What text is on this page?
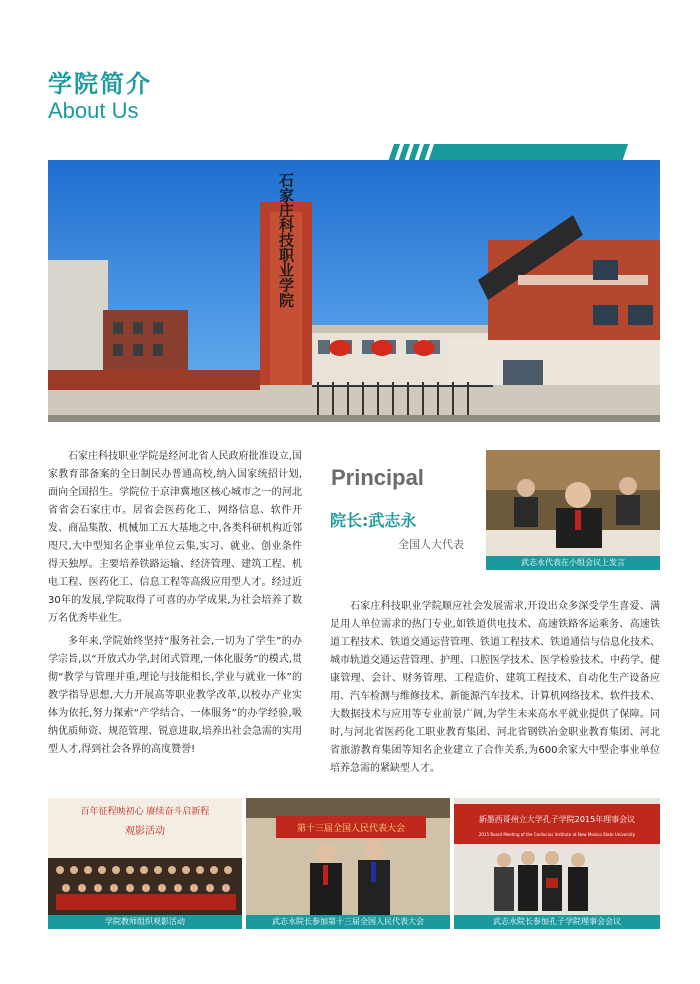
学院简介
About Us
石家庄科技职业学院
石家庄科技职业学院是经河北省人民政府批准设立,国家教育部备案的全日制民办普通高校,纳入国家统招计划,面向全国招生。学院位于京津冀地区核心城市之一的河北省省会石家庄市。居省会医药化工、网络信息、软件开发、商品集散、机械加工五大基地之中,各类科研机构近邻咫尺,大中型知名企事业单位云集,实习、就业、创业条件得天独厚。主要培养铁路运输、经济管理、建筑工程、机电工程、医药化工、信息工程等高级应用型人才。经过近30年的发展,学院取得了可喜的办学成果,为社会培养了数万名优秀毕业生。
多年来,学院始终坚持“服务社会,一切为了学生”的办学宗旨,以“开放式办学,封闭式管理,一体化服务”的模式,贯彻“教学与管理并重,理论与技能相长,学业与就业一体”的教学指导思想,大力开展高等职业教学改革,以校办产业实体为依托,努力探索“产学结合、一体服务”的办学经验,吸纳优质师资、规范管理、锐意进取,培养出社会急需的实用型人才,得到社会各界的高度赞誉!
Principal
院长:武志永
全国人大代表
武志永代表在小组会议上发言
石家庄科技职业学院顺应社会发展需求,开设出众多深受学生喜爱、满足用人单位需求的热门专业,如铁道供电技术、高速铁路客运乘务、高速铁道工程技术、铁道交通运营管理、铁道工程技术、铁道通信与信息化技术、城市轨道交通运营管理、护理、口腔医学技术、医学检验技术、中药学、健康管理、会计、财务管理、工程造价、建筑工程技术、自动化生产设备应用、汽车检测与维修技术、新能源汽车技术、计算机网络技术、软件技术、大数据技术与应用等专业前景广阔,为学生未来高水平就业提供了保障。同时,与河北省医药化工职业教育集团、河北省钢铁冶金职业教育集团、河北省旅游教育集团等知名企业建立了合作关系,为600余家大中型企事业单位培养急需的紧缺型人才。
百年征程映初心 赓续奋斗启新程
观影活动	第十三届全国人民代表大会
新墨西哥州立大学孔子学院2015年理事会议
2015 Board Meeting of the Confucius Institute at New Mexico State University
学院教师组织观影活动	武志永院长参加第十三届全国人民代表大会	武志永院长参加孔子学院理事会会议
